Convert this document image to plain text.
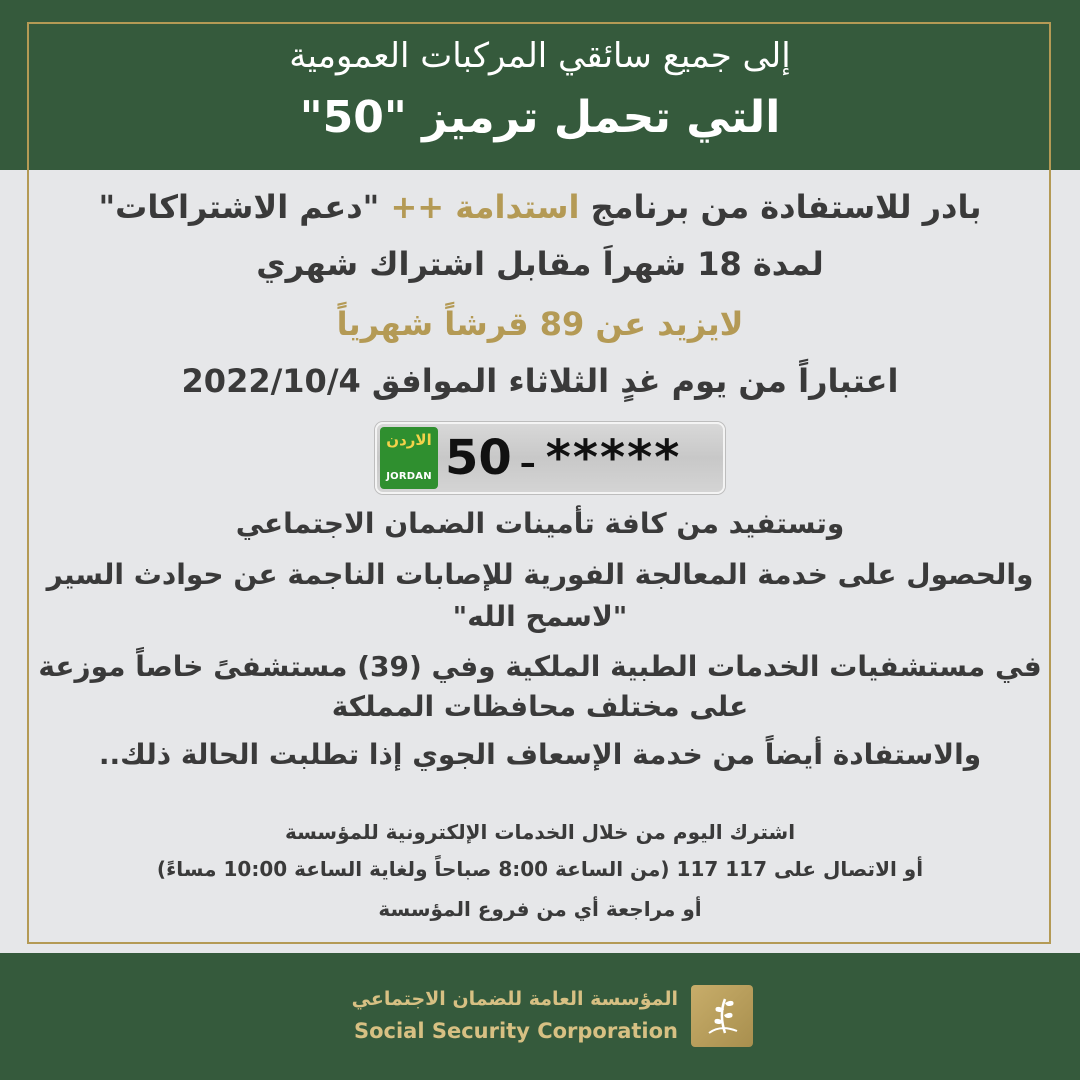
إلى جميع سائقي المركبات العمومية
التي تحمل ترميز "50"
بادر للاستفادة من برنامج استدامة ++ "دعم الاشتراكات"
لمدة 18 شهراَ مقابل اشتراك شهري
لايزيد عن 89 قرشاً شهرياً
اعتباراً من يوم غدٍ الثلاثاء الموافق 2022/10/4
الاردن
JORDAN 50 – *****
وتستفيد من كافة تأمينات الضمان الاجتماعي
والحصول على خدمة المعالجة الفورية للإصابات الناجمة عن حوادث السير
"لاسمح الله"
في مستشفيات الخدمات الطبية الملكية وفي (39) مستشفىً خاصاً موزعة
على مختلف محافظات المملكة
والاستفادة أيضاً من خدمة الإسعاف الجوي إذا تطلبت الحالة ذلك..
اشترك اليوم من خلال الخدمات الإلكترونية للمؤسسة
أو الاتصال على 117 117 (من الساعة 8:00 صباحاً ولغاية الساعة 10:00 مساءً)
أو مراجعة أي من فروع المؤسسة
المؤسسة العامة للضمان الاجتماعي
Social Security Corporation
